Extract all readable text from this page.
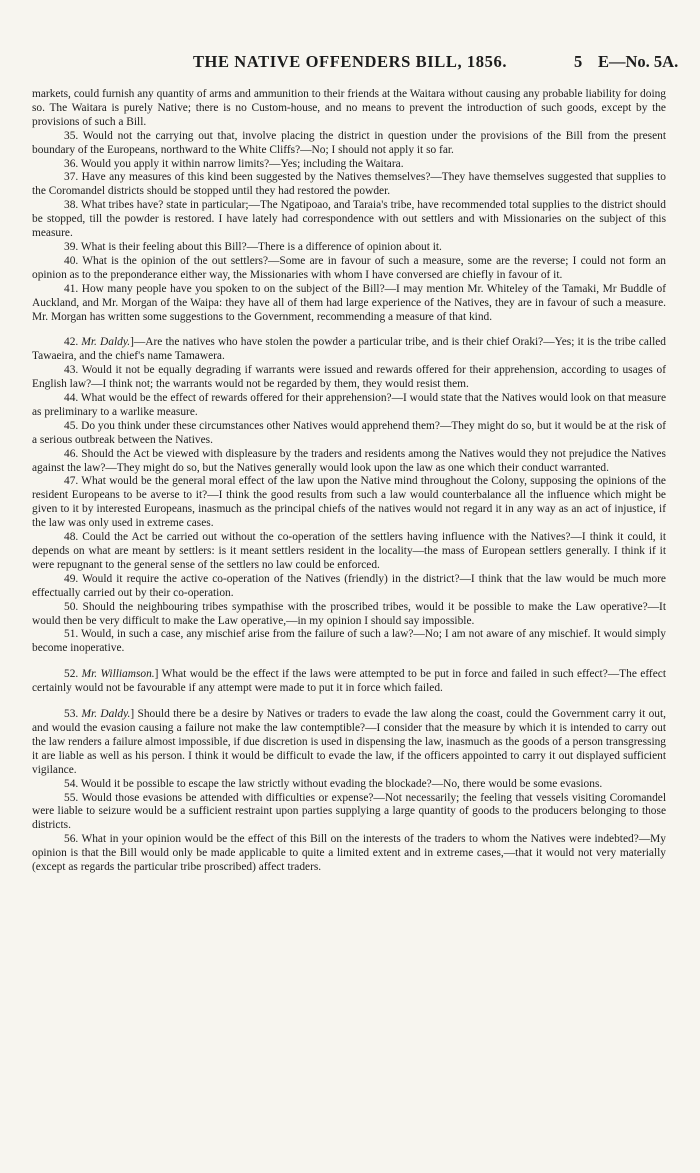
THE NATIVE OFFENDERS BILL, 1856.	5 E—No. 5A.

markets, could furnish any quantity of arms and ammunition to their friends at the Waitara without causing any probable liability for doing so. The Waitara is purely Native; there is no Custom-house, and no means to prevent the introduction of such goods, except by the provisions of such a Bill.

35. Would not the carrying out that, involve placing the district in question under the provisions of the Bill from the present boundary of the Europeans, northward to the White Cliffs?—No; I should not apply it so far.

36. Would you apply it within narrow limits?—Yes; including the Waitara.

37. Have any measures of this kind been suggested by the Natives themselves?—They have themselves suggested that supplies to the Coromandel districts should be stopped until they had restored the powder.

38. What tribes have? state in particular;—The Ngatipoao, and Taraia's tribe, have recommended total supplies to the district should be stopped, till the powder is restored. I have lately had correspondence with out settlers and with Missionaries on the subject of this measure.

39. What is their feeling about this Bill?—There is a difference of opinion about it.

40. What is the opinion of the out settlers?—Some are in favour of such a measure, some are the reverse; I could not form an opinion as to the preponderance either way, the Missionaries with whom I have conversed are chiefly in favour of it.

41. How many people have you spoken to on the subject of the Bill?—I may mention Mr. Whiteley of the Tamaki, Mr Buddle of Auckland, and Mr. Morgan of the Waipa: they have all of them had large experience of the Natives, they are in favour of such a measure. Mr. Morgan has written some suggestions to the Government, recommending a measure of that kind.

42. Mr. Daldy.]—Are the natives who have stolen the powder a particular tribe, and is their chief Oraki?—Yes; it is the tribe called Tawaeira, and the chief's name Tamawera.

43. Would it not be equally degrading if warrants were issued and rewards offered for their apprehension, according to usages of English law?—I think not; the warrants would not be regarded by them, they would resist them.

44. What would be the effect of rewards offered for their apprehension?—I would state that the Natives would look on that measure as preliminary to a warlike measure.

45. Do you think under these circumstances other Natives would apprehend them?—They might do so, but it would be at the risk of a serious outbreak between the Natives.

46. Should the Act be viewed with displeasure by the traders and residents among the Natives would they not prejudice the Natives against the law?—They might do so, but the Natives generally would look upon the law as one which their conduct warranted.

47. What would be the general moral effect of the law upon the Native mind throughout the Colony, supposing the opinions of the resident Europeans to be averse to it?—I think the good results from such a law would counterbalance all the influence which might be given to it by interested Europeans, inasmuch as the principal chiefs of the natives would not regard it in any way as an act of injustice, if the law was only used in extreme cases.

48. Could the Act be carried out without the co-operation of the settlers having influence with the Natives?—I think it could, it depends on what are meant by settlers: is it meant settlers resident in the locality—the mass of European settlers generally. I think if it were repugnant to the general sense of the settlers no law could be enforced.

49. Would it require the active co-operation of the Natives (friendly) in the district?—I think that the law would be much more effectually carried out by their co-operation.

50. Should the neighbouring tribes sympathise with the proscribed tribes, would it be possible to make the Law operative?—It would then be very difficult to make the Law operative,—in my opinion I should say impossible.

51. Would, in such a case, any mischief arise from the failure of such a law?—No; I am not aware of any mischief. It would simply become inoperative.

52. Mr. Williamson.] What would be the effect if the laws were attempted to be put in force and failed in such effect?—The effect certainly would not be favourable if any attempt were made to put it in force which failed.

53. Mr. Daldy.] Should there be a desire by Natives or traders to evade the law along the coast, could the Government carry it out, and would the evasion causing a failure not make the law contemptible?—I consider that the measure by which it is intended to carry out the law renders a failure almost impossible, if due discretion is used in dispensing the law, inasmuch as the goods of a person transgressing it are liable as well as his person. I think it would be difficult to evade the law, if the officers appointed to carry it out displayed sufficient vigilance.

54. Would it be possible to escape the law strictly without evading the blockade?—No, there would be some evasions.

55. Would those evasions be attended with difficulties or expense?—Not necessarily; the feeling that vessels visiting Coromandel were liable to seizure would be a sufficient restraint upon parties supplying a large quantity of goods to the producers belonging to those districts.

56. What in your opinion would be the effect of this Bill on the interests of the traders to whom the Natives were indebted?—My opinion is that the Bill would only be made applicable to quite a limited extent and in extreme cases,—that it would not very materially (except as regards the particular tribe proscribed) affect traders.
